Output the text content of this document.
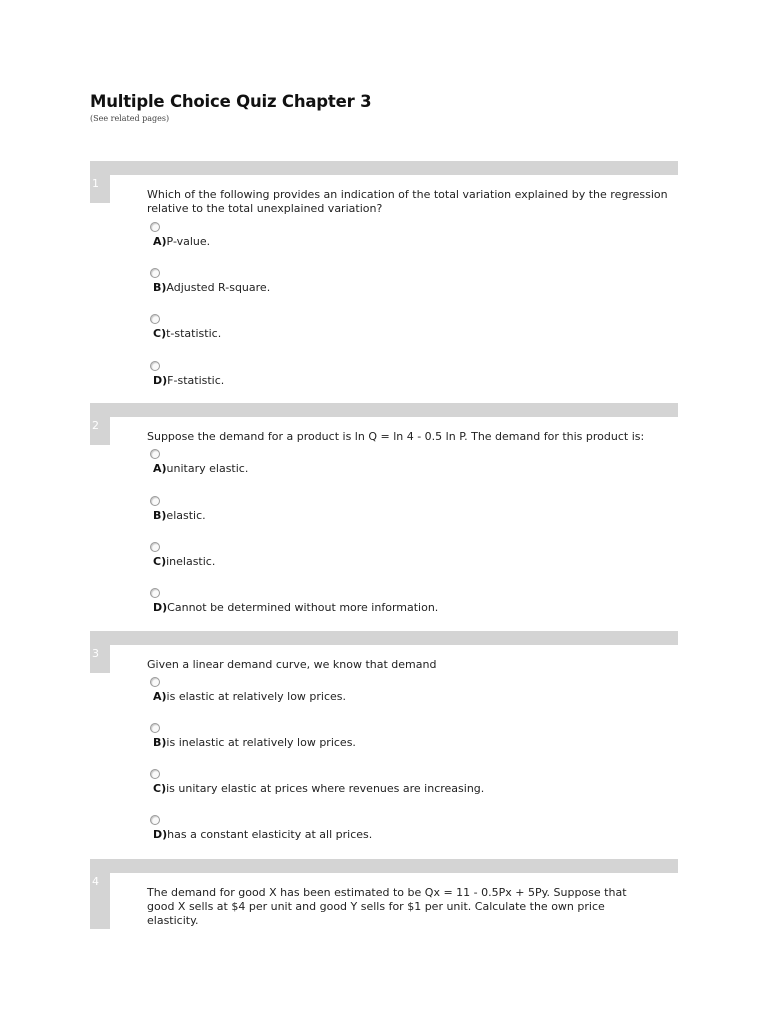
Multiple Choice Quiz Chapter 3
(See related pages)
1
Which of the following provides an indication of the total variation explained by the regression relative to the total unexplained variation?
A)P-value.
B)Adjusted R-square.
C)t-statistic.
D)F-statistic.
2
Suppose the demand for a product is ln Q = ln 4 - 0.5 ln P. The demand for this product is:
A)unitary elastic.
B)elastic.
C)inelastic.
D)Cannot be determined without more information.
3
Given a linear demand curve, we know that demand
A)is elastic at relatively low prices.
B)is inelastic at relatively low prices.
C)is unitary elastic at prices where revenues are increasing.
D)has a constant elasticity at all prices.
4
The demand for good X has been estimated to be Qx = 11 - 0.5Px + 5Py. Suppose that good X sells at $4 per unit and good Y sells for $1 per unit. Calculate the own price elasticity.
